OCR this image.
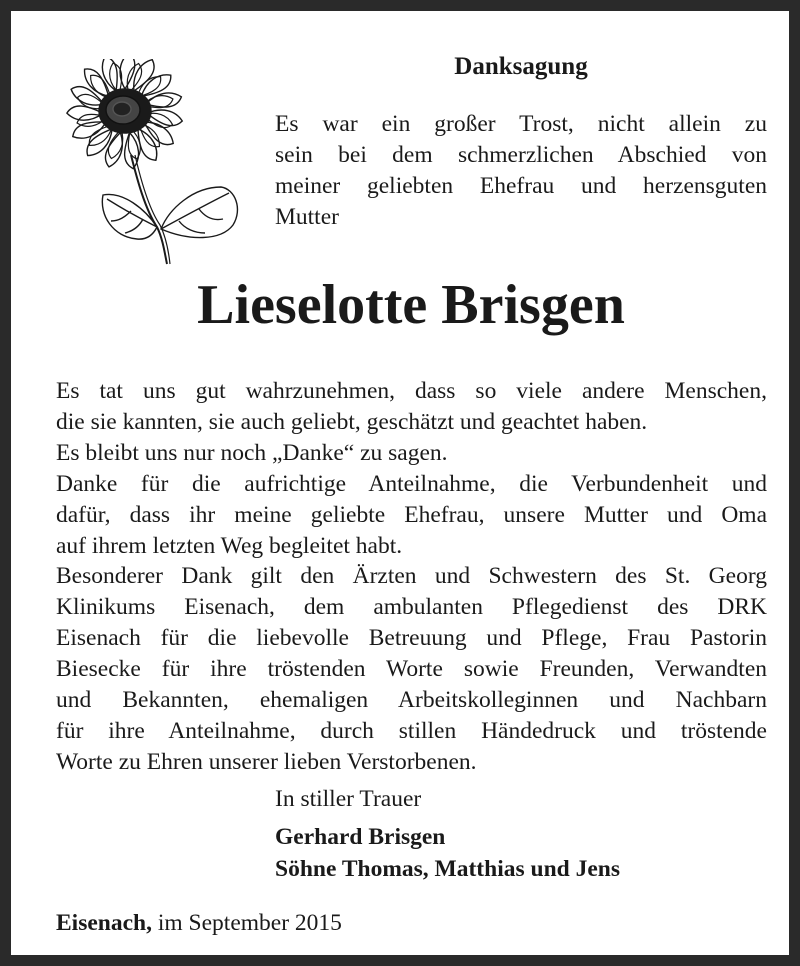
Danksagung

Es war ein großer Trost, nicht allein zu
sein bei dem schmerzlichen Abschied von
meiner geliebten Ehefrau und herzensguten
Mutter

Lieselotte Brisgen

Es tat uns gut wahrzunehmen, dass so viele andere Menschen,
die sie kannten, sie auch geliebt, geschätzt und geachtet haben.
Es bleibt uns nur noch „Danke“ zu sagen.
Danke für die aufrichtige Anteilnahme, die Verbundenheit und
dafür, dass ihr meine geliebte Ehefrau, unsere Mutter und Oma
auf ihrem letzten Weg begleitet habt.
Besonderer Dank gilt den Ärzten und Schwestern des St. Georg
Klinikums Eisenach, dem ambulanten Pflegedienst des DRK
Eisenach für die liebevolle Betreuung und Pflege, Frau Pastorin
Biesecke für ihre tröstenden Worte sowie Freunden, Verwandten
und Bekannten, ehemaligen Arbeitskolleginnen und Nachbarn
für ihre Anteilnahme, durch stillen Händedruck und tröstende
Worte zu Ehren unserer lieben Verstorbenen.

In stiller Trauer
Gerhard Brisgen
Söhne Thomas, Matthias und Jens
Eisenach, im September 2015
